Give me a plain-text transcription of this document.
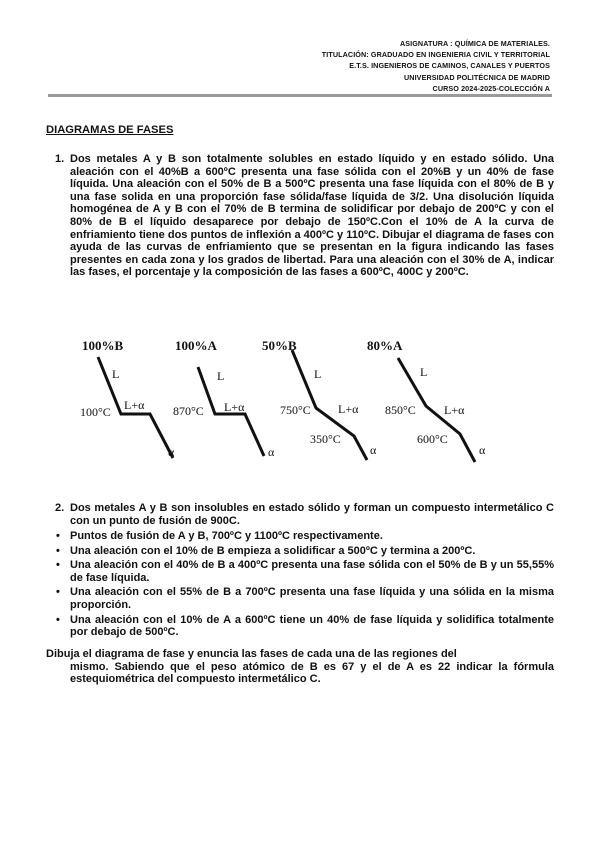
ASIGNATURA : QUÍMICA DE MATERIALES.
TITULACIÓN: GRADUADO EN INGENIERIA CIVIL Y TERRITORIAL
E.T.S. INGENIEROS DE CAMINOS, CANALES Y PUERTOS
UNIVERSIDAD POLITÉCNICA DE MADRID
CURSO 2024-2025-COLECCIÓN A
DIAGRAMAS DE FASES

1. Dos metales A y B son totalmente solubles en estado líquido y en estado sólido. Una aleación con el 40%B a 600ºC presenta una fase sólida con el 20%B y un 40% de fase líquida. Una aleación con el 50% de B a 500ºC presenta una fase líquida con el 80% de B y una fase solida en una proporción fase sólida/fase líquida de 3/2. Una disolución líquida homogénea de A y B con el 70% de B termina de solidificar por debajo de 200ºC y con el 80% de B el líquido desaparece por debajo de 150ºC.Con el 10% de A la curva de enfriamiento tiene dos puntos de inflexión a 400ºC y 110ºC. Dibujar el diagrama de fases con ayuda de las curvas de enfriamiento que se presentan en la figura indicando las fases presentes en cada zona y los grados de libertad. Para una aleación con el 30% de A, indicar las fases, el porcentaje y la composición de las fases a 600ºC, 400C y 200ºC.

100%B
L
L+α
100°C
α
100%A
L
L+α
870°C
α
50%B
L
L+α
750°C
350°C
α
80%A
L
L+α
850°C
600°C
α

2. Dos metales A y B son insolubles en estado sólido y forman un compuesto intermetálico C con un punto de fusión de 900C.

• Puntos de fusión de A y B, 700ºC y 1100ºC respectivamente.
• Una aleación con el 10% de B empieza a solidificar a 500ºC y termina a 200ºC.
• Una aleación con el 40% de B a 400ºC presenta una fase sólida con el 50% de B y un 55,55% de fase líquida.
• Una aleación con el 55% de B a 700ºC presenta una fase líquida y una sólida en la misma proporción.
• Una aleación con el 10% de A a 600ºC tiene un 40% de fase líquida y solidifica totalmente por debajo de 500ºC.

Dibuja el diagrama de fase y enuncia las fases de cada una de las regiones del
mismo. Sabiendo que el peso atómico de B es 67 y el de A es 22 indicar la fórmula estequiométrica del compuesto intermetálico C.
